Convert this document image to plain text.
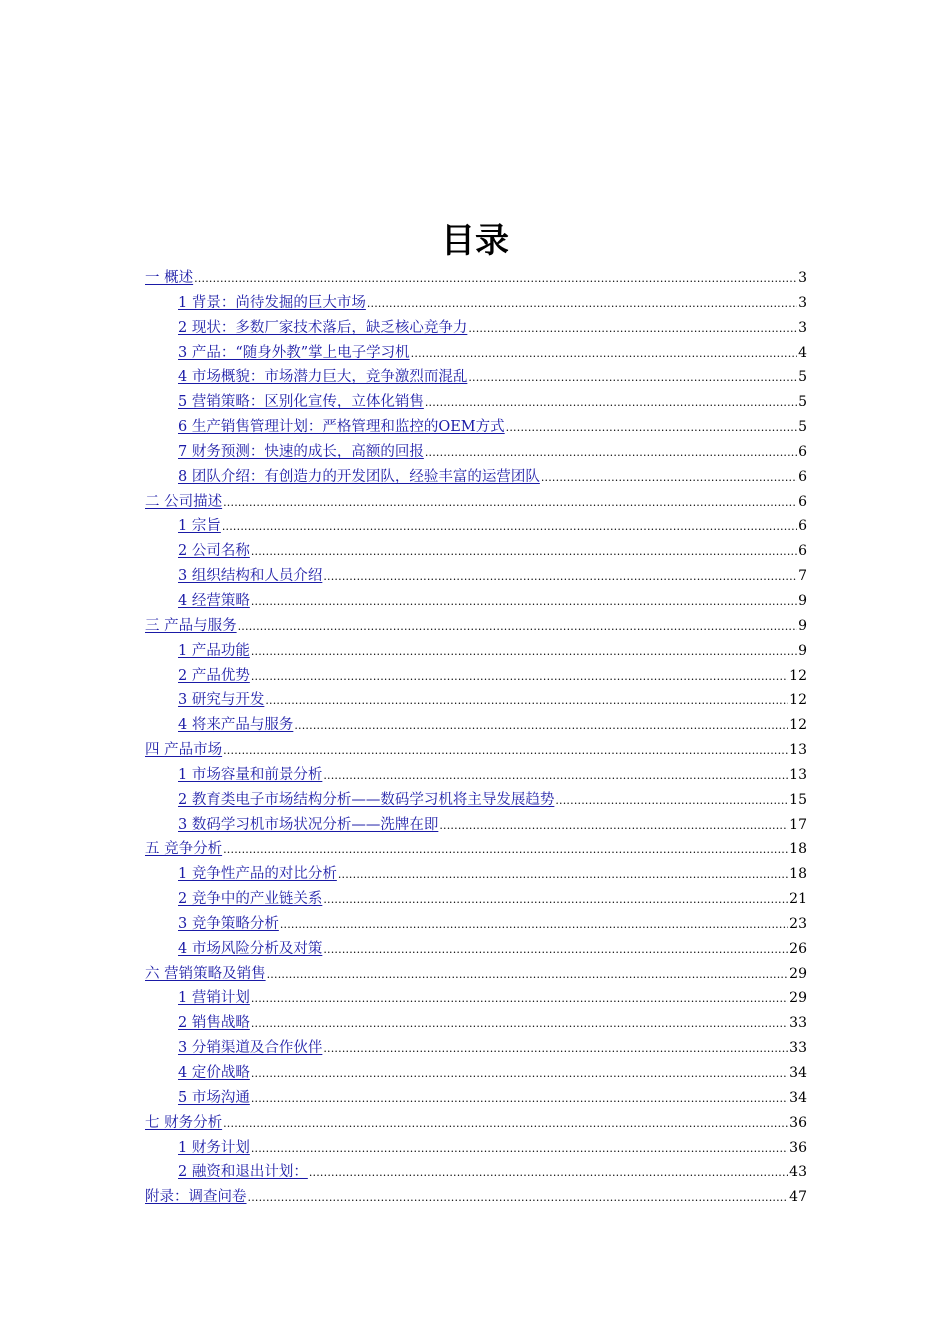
目录
一 概述 .....	3
1 背景：尚待发掘的巨大市场 .....	3
2 现状：多数厂家技术落后，缺乏核心竞争力 .....	3
3 产品：“随身外教”掌上电子学习机 .....	4
4 市场概貌：市场潜力巨大，竞争激烈而混乱 .....	5
5 营销策略：区别化宣传，立体化销售 .....	5
6 生产销售管理计划：严格管理和监控的OEM方式 .....	5
7 财务预测：快速的成长，高额的回报 .....	6
8 团队介绍：有创造力的开发团队，经验丰富的运营团队 .....	6
二 公司描述 .....	6
1 宗旨 .....	6
2 公司名称 .....	6
3 组织结构和人员介绍 .....	7
4 经营策略 .....	9
三 产品与服务 .....	9
1 产品功能 .....	9
2 产品优势 .....	12
3 研究与开发 .....	12
4 将来产品与服务 .....	12
四 产品市场 .....	13
1 市场容量和前景分析 .....	13
2 教育类电子市场结构分析——数码学习机将主导发展趋势 .....	15
3 数码学习机市场状况分析——洗牌在即 .....	17
五 竞争分析 .....	18
1 竞争性产品的对比分析 .....	18
2 竞争中的产业链关系 .....	21
3 竞争策略分析 .....	23
4 市场风险分析及对策 .....	26
六 营销策略及销售 .....	29
1 营销计划 .....	29
2 销售战略 .....	33
3 分销渠道及合作伙伴 .....	33
4 定价战略 .....	34
5 市场沟通 .....	34
七 财务分析 .....	36
1 财务计划 .....	36
2 融资和退出计划： .....	43
附录：调查问卷 .....	47
